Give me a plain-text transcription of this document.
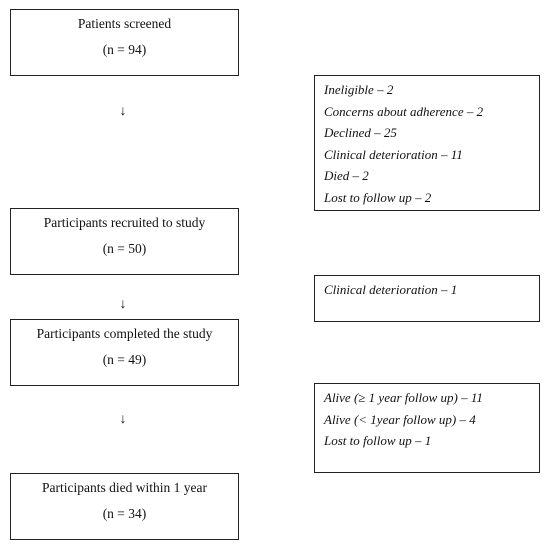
Patients screened
(n = 94)
Participants recruited to study
(n = 50)
Participants completed the study
(n = 49)
Participants died within 1 year
(n = 34)
↓
↓
↓
Ineligible – 2
Concerns about adherence – 2
Declined – 25
Clinical deterioration – 11
Died – 2
Lost to follow up – 2
Clinical deterioration – 1
Alive (≥ 1 year follow up) – 11
Alive (< 1year follow up) – 4
Lost to follow up – 1
